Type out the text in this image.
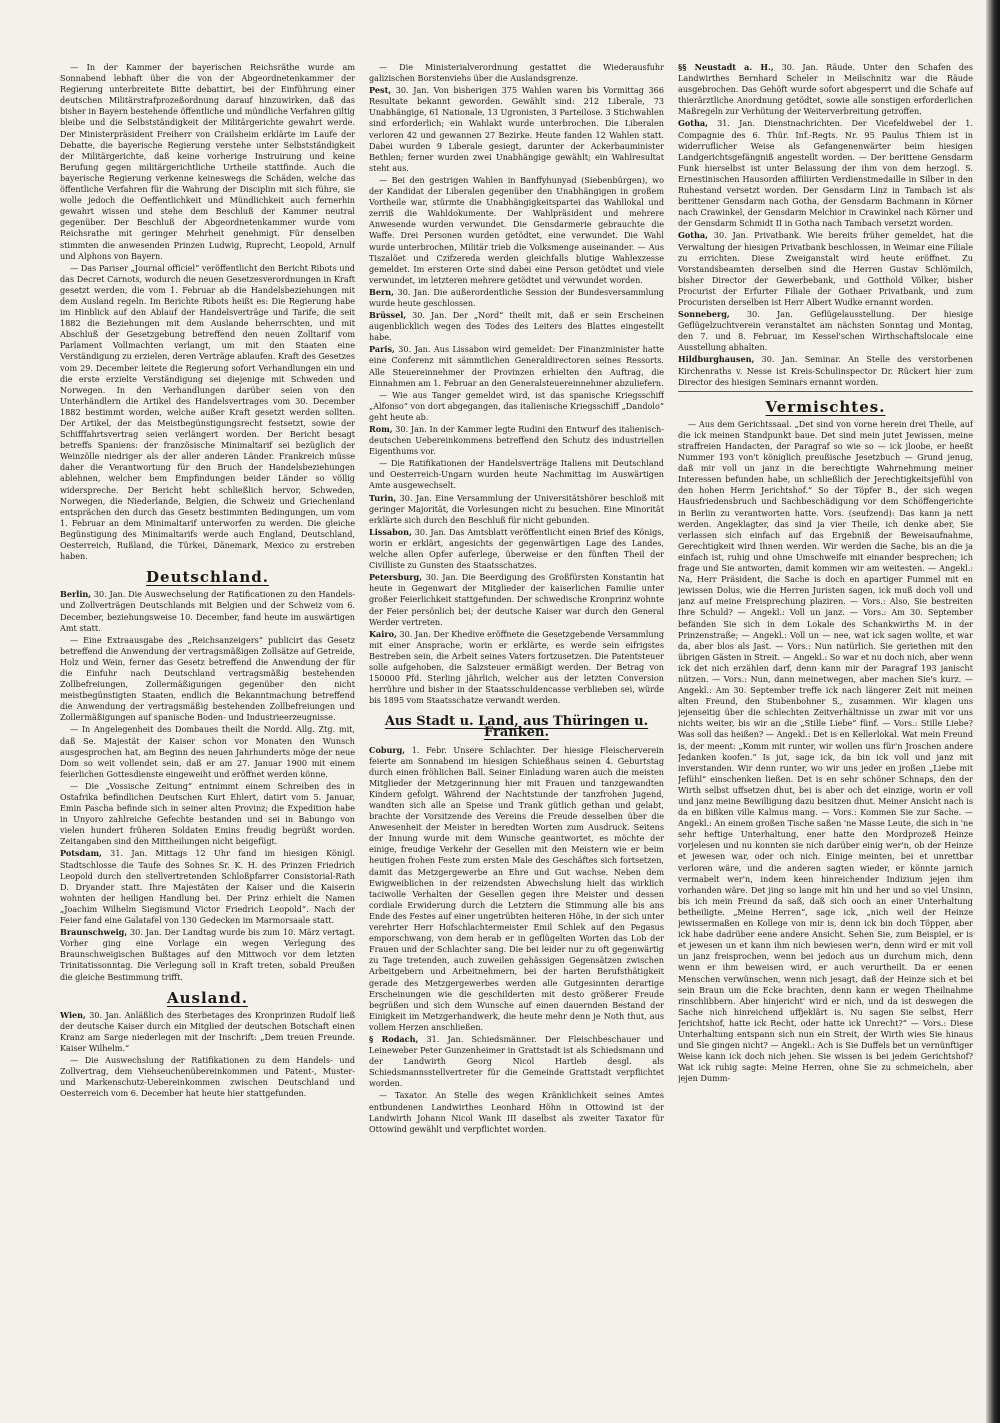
— In der Kammer der bayerischen Reichsräthe wurde am Sonnabend lebhaft über die von der Abgeordnetenkammer der Regierung unterbreitete Bitte debattirt, bei der Einführung einer deutschen Militärstrafprozeßordnung darauf hinzuwirken, daß das bisher in Bayern bestehende öffentliche und mündliche Verfahren giltig bleibe und die Selbstständigkeit der Militärgerichte gewahrt werde. Der Ministerpräsident Freiherr von Crailsheim erklärte im Laufe der Debatte, die bayerische Regierung verstehe unter Selbstständigkeit der Militärgerichte, daß keine vorherige Instruirung und keine Berufung gegen militärgerichtliche Urtheile stattfinde. Auch die bayerische Regierung verkenne keineswegs die Schäden, welche das öffentliche Verfahren für die Wahrung der Disciplin mit sich führe, sie wolle jedoch die Oeffentlichkeit und Mündlichkeit auch fernerhin gewahrt wissen und stehe dem Beschluß der Kammer neutral gegenüber. Der Beschluß der Abgeordnetenkammer wurde vom Reichsrathe mit geringer Mehrheit genehmigt. Für denselben stimmten die anwesenden Prinzen Ludwig, Ruprecht, Leopold, Arnulf und Alphons von Bayern.

— Das Pariser „Journal officiel“ veröffentlicht den Bericht Ribots und das Decret Carnots, wodurch die neuen Gesetzesverordnungen in Kraft gesetzt werden, die vom 1. Februar ab die Handelsbeziehungen mit dem Ausland regeln. Im Berichte Ribots heißt es: Die Regierung habe im Hinblick auf den Ablauf der Handelsverträge und Tarife, die seit 1882 die Beziehungen mit dem Auslande beherrschten, und mit Abschluß der Gesetzgebung betreffend den neuen Zolltarif vom Parlament Vollmachten verlangt, um mit den Staaten eine Verständigung zu erzielen, deren Verträge ablaufen. Kraft des Gesetzes vom 29. December leitete die Regierung sofort Verhandlungen ein und die erste erzielte Verständigung sei diejenige mit Schweden und Norwegen. In den Verhandlungen darüber seien von den Unterhändlern die Artikel des Handelsvertrages vom 30. December 1882 bestimmt worden, welche außer Kraft gesetzt werden sollten. Der Artikel, der das Meistbegünstigungsrecht festsetzt, sowie der Schifffahrtsvertrag seien verlängert worden. Der Bericht besagt betreffs Spaniens: der französische Minimaltarif sei bezüglich der Weinzölle niedriger als der aller anderen Länder. Frankreich müsse daher die Verantwortung für den Bruch der Handelsbeziehungen ablehnen, welcher bem Empfindungen beider Länder so völlig widerspreche. Der Bericht hebt schließlich hervor, Schweden, Norwegen, die Niederlande, Belgien, die Schweiz und Griechenland entsprächen den durch das Gesetz bestimmten Bedingungen, um vom 1. Februar an dem Minimaltarif unterworfen zu werden. Die gleiche Begünstigung des Minimaltarifs werde auch England, Deutschland, Oesterreich, Rußland, die Türkei, Dänemark, Mexico zu erstreben haben.

Deutschland.

Berlin, 30. Jan. Die Auswechselung der Ratificationen zu den Handels- und Zollverträgen Deutschlands mit Belgien und der Schweiz vom 6. December, beziehungsweise 10. December, fand heute im auswärtigen Amt statt.

— Eine Extraausgabe des „Reichsanzeigers“ publicirt das Gesetz betreffend die Anwendung der vertragsmäßigen Zollsätze auf Getreide, Holz und Wein, ferner das Gesetz betreffend die Anwendung der für die Einfuhr nach Deutschland vertragsmäßig bestehenden Zollbefreiungen, Zollermäßigungen gegenüber den nicht meistbegünstigten Staaten, endlich die Bekanntmachung betreffend die Anwendung der vertragsmäßig bestehenden Zollbefreiungen und Zollermäßigungen auf spanische Boden- und Industrieerzeugnisse.

— In Angelegenheit des Dombaues theilt die Nordd. Allg. Ztg. mit, daß Se. Majestät der Kaiser schon vor Monaten den Wunsch ausgesprochen hat, am Beginn des neuen Jahrhunderts möge der neue Dom so weit vollendet sein, daß er am 27. Januar 1900 mit einem feierlichen Gottesdienste eingeweiht und eröffnet werden könne.

— Die „Vossische Zeitung“ entnimmt einem Schreiben des in Ostafrika befindlichen Deutschen Kurt Ehlert, datirt vom 5. Januar, Emin Pascha befinde sich in seiner alten Provinz; die Expedition habe in Unyoro zahlreiche Gefechte bestanden und sei in Babungo von vielen hundert früheren Soldaten Emins freudig begrüßt worden. Zeitangaben sind den Mittheilungen nicht beigefügt.

Potsdam, 31. Jan. Mittags 12 Uhr fand im hiesigen Königl. Stadtschlosse die Taufe des Sohnes Sr. K. H. des Prinzen Friedrich Leopold durch den stellvertretenden Schloßpfarrer Consistorial-Rath D. Dryander statt. Ihre Majestäten der Kaiser und die Kaiserin wohnten der heiligen Handlung bei. Der Prinz erhielt die Namen „Joachim Wilhelm Siegismund Victor Friedrich Leopold“. Nach der Feier fand eine Galatafel von 130 Gedecken im Marmorsaale statt.

Braunschweig, 30. Jan. Der Landtag wurde bis zum 10. März vertagt. Vorher ging eine Vorlage ein wegen Verlegung des Braunschweigischen Bußtages auf den Mittwoch vor dem letzten Trinitatissonntag. Die Verlegung soll in Kraft treten, sobald Preußen die gleiche Bestimmung trifft.

Ausland.

Wien, 30. Jan. Anläßlich des Sterbetages des Kronprinzen Rudolf ließ der deutsche Kaiser durch ein Mitglied der deutschen Botschaft einen Kranz am Sarge niederlegen mit der Inschrift: „Dem treuen Freunde. Kaiser Wilhelm.“

— Die Auswechslung der Ratifikationen zu dem Handels- und Zollvertrag, dem Viehseuchenübereinkommen und Patent-, Muster- und Markenschutz-Uebereinkommen zwischen Deutschland und Oesterreich vom 6. December hat heute hier stattgefunden.

— Die Ministerialverordnung gestattet die Wiederausfuhr galizischen Borstenviehs über die Auslandsgrenze.

Pest, 30. Jan. Von bisherigen 375 Wahlen waren bis Vormittag 366 Resultate bekannt geworden. Gewählt sind: 212 Liberale, 73 Unabhängige, 61 Nationale, 13 Ugronisten, 3 Parteilose. 3 Stichwahlen sind erforderlich; ein Wahlakt wurde unterbrochen. Die Liberalen verloren 42 und gewannen 27 Bezirke. Heute fanden 12 Wahlen statt. Dabei wurden 9 Liberale gesiegt, darunter der Ackerbauminister Bethlen; ferner wurden zwei Unabhängige gewählt; ein Wahlresultat steht aus.

— Bei den gestrigen Wahlen in Banffyhunyad (Siebenbürgen), wo der Kandidat der Liberalen gegenüber den Unabhängigen in großem Vortheile war, stürmte die Unabhängigkeitspartei das Wahllokal und zerriß die Wahldokumente. Der Wahlpräsident und mehrere Anwesende wurden verwundet. Die Gensdarmerie gebrauchte die Waffe. Drei Personen wurden getödtet, eine verwundet. Die Wahl wurde unterbrochen, Militär trieb die Volksmenge auseinander. — Aus Tiszalöet und Czifzereda werden gleichfalls blutige Wahlexzesse gemeldet. Im ersteren Orte sind dabei eine Person getödtet und viele verwundet, im letzteren mehrere getödtet und verwundet worden.

Bern, 30. Jan. Die außerordentliche Session der Bundesversammlung wurde heute geschlossen.

Brüssel, 30. Jan. Der „Nord“ theilt mit, daß er sein Erscheinen augenblicklich wegen des Todes des Leiters des Blattes eingestellt habe.

Paris, 30. Jan. Aus Lissabon wird gemeldet: Der Finanzminister hatte eine Conferenz mit sämmtlichen Generaldirectoren seines Ressorts. Alle Steuereinnehmer der Provinzen erhielten den Auftrag, die Einnahmen am 1. Februar an den Generalsteuereinnehmer abzuliefern.

— Wie aus Tanger gemeldet wird, ist das spanische Kriegsschiff „Alfonso“ von dort abgegangen, das italienische Kriegsschiff „Dandolo“ geht heute ab.

Rom, 30. Jan. In der Kammer legte Rudini den Entwurf des italienisch-deutschen Uebereinkommens betreffend den Schutz des industriellen Eigenthums vor.

— Die Ratifikationen der Handelsverträge Italiens mit Deutschland und Oesterreich-Ungarn wurden heute Nachmittag im Auswärtigen Amte ausgewechselt.

Turin, 30. Jan. Eine Versammlung der Universitätshörer beschloß mit geringer Majorität, die Vorlesungen nicht zu besuchen. Eine Minorität erklärte sich durch den Beschluß für nicht gebunden.

Lissabon, 30. Jan. Das Amtsblatt veröffentlicht einen Brief des Königs, worin er erklärt, angesichts der gegenwärtigen Lage des Landes, welche allen Opfer auferlege, überweise er den fünften Theil der Civilliste zu Gunsten des Staatsschatzes.

Petersburg, 30. Jan. Die Beerdigung des Großfürsten Konstantin hat heute in Gegenwart der Mitglieder der kaiserlichen Familie unter großer Feierlichkeit stattgefunden. Der schwedische Kronprinz wohnte der Feier persönlich bei; der deutsche Kaiser war durch den General Werder vertreten.

Kairo, 30. Jan. Der Khedive eröffnete die Gesetzgebende Versammlung mit einer Ansprache, worin er erklärte, es werde sein eifrigstes Bestreben sein, die Arbeit seines Vaters fortzusetzen. Die Patentsteuer solle aufgehoben, die Salzsteuer ermäßigt werden. Der Betrag von 150000 Pfd. Sterling jährlich, welcher aus der letzten Conversion herrühre und bisher in der Staatsschuldencasse verblieben sei, würde bis 1895 vom Staatsschatze verwandt werden.

Aus Stadt u. Land, aus Thüringen u. Franken.

Coburg, 1. Febr. Unsere Schlachter. Der hiesige Fleischerverein feierte am Sonnabend im hiesigen Schießhaus seinen 4. Geburtstag durch einen fröhlichen Ball. Seiner Einladung waren auch die meisten Mitglieder der Metzgerinnung hier mit Frauen und tanzgewandten Kindern gefolgt. Während der Nachtstunde der tanzfrohen Jugend, wandten sich alle an Speise und Trank gütlich gethan und gelabt, brachte der Vorsitzende des Vereins die Freude desselben über die Anwesenheit der Meister in beredten Worten zum Ausdruck. Seitens der Innung wurde mit dem Wunsche geantwortet, es möchte der einige, freudige Verkehr der Gesellen mit den Meistern wie er beim heutigen frohen Feste zum ersten Male des Geschäftes sich fortsetzen, damit das Metzgergewerbe an Ehre und Gut wachse. Neben dem Ewigweiblichen in der reizendsten Abwechslung hielt das wirklich taciwolle Verhalten der Gesellen gegen ihre Meister und dessen cordiale Erwiderung durch die Letztern die Stimmung alle bis ans Ende des Festes auf einer ungetrübten heiteren Höhe, in der sich unter verehrter Herr Hofschlachtermeister Emil Schlek auf den Pegasus emporschwang, von dem herab er in geflügelten Worten das Lob der Frauen und der Schlachter sang. Die bei leider nur zu oft gegenwärtig zu Tage tretenden, auch zuweilen gehässigen Gegensätzen zwischen Arbeitgebern und Arbeitnehmern, bei der harten Berufsthätigkeit gerade des Metzgergewerbes werden alle Gutgesinnten derartige Erscheinungen wie die geschilderten mit desto größerer Freude begrüßen und sich dem Wunsche auf einen dauernden Bestand der Einigkeit im Metzgerhandwerk, die heute mehr denn je Noth thut, aus vollem Herzen anschließen.

§ Rodach, 31. Jan. Schiedsmänner. Der Fleischbeschauer und Leineweber Peter Gunzenheimer in Grattstadt ist als Schiedsmann und der Landwirth Georg Nicol Hartleb desgl. als Schiedsmannsstellvertreter für die Gemeinde Grattstadt verpflichtet worden.

— Taxator. An Stelle des wegen Kränklichkeit seines Amtes entbundenen Landwirthes Leonhard Höhn in Ottowind ist der Landwirth Johann Nicol Wank III daselbst als zweiter Taxator für Ottowind gewählt und verpflichtet worden.

§§ Neustadt a. H., 30. Jan. Räude. Unter den Schafen des Landwirthes Bernhard Scheler in Meilschnitz war die Räude ausgebrochen. Das Gehöft wurde sofort abgesperrt und die Schafe auf thierärztliche Anordnung getödtet, sowie alle sonstigen erforderlichen Maßregeln zur Verhütung der Weiterverbreitung getroffen.

Gotha, 31. Jan. Dienstnachrichten. Der Vicefeldwebel der 1. Compagnie des 6. Thür. Inf.-Regts. Nr. 95 Paulus Thiem ist in widerruflicher Weise als Gefangenenwärter beim hiesigen Landgerichtsgefängniß angestellt worden. — Der berittene Gensdarm Funk hierselbst ist unter Belassung der ihm von dem herzogl. S. Ernestinischen Hausorden affiliirten Verdienstmedaille in Silber in den Ruhestand versetzt worden. Der Gensdarm Linz in Tambach ist als berittener Gensdarm nach Gotha, der Gensdarm Bachmann in Körner nach Crawinkel, der Gensdarm Melchior in Crawinkel nach Körner und der Gensdarm Schmidt II in Gotha nach Tambach versetzt worden.

Gotha, 30. Jan. Privatbank. Wie bereits früher gemeldet, hat die Verwaltung der hiesigen Privatbank beschlossen, in Weimar eine Filiale zu errichten. Diese Zweiganstalt wird heute eröffnet. Zu Vorstandsbeamten derselben sind die Herren Gustav Schlömilch, bisher Director der Gewerbebank, und Gotthold Völker, bisher Procurist der Erfurter Filiale der Gothaer Privatbank, und zum Procuristen derselben ist Herr Albert Wudke ernannt worden.

Sonneberg, 30. Jan. Geflügelausstellung. Der hiesige Geflügelzuchtverein veranstaltet am nächsten Sonntag und Montag, den 7. und 8. Februar, im Kessel'schen Wirthschaftslocale eine Ausstellung abhalten.

Hildburghausen, 30. Jan. Seminar. An Stelle des verstorbenen Kirchenraths v. Nesse ist Kreis-Schulinspector Dr. Rückert hier zum Director des hiesigen Seminars ernannt worden.

Vermischtes.

— Aus dem Gerichtssaal. „Det sind von vorne herein drei Theile, auf die ick meinen Standpunkt baue. Det sind mein jutet Jewissen, meine straffreien Handacten, der Paragraf so wie so — ick jloobe, er heeßt Nummer 193 von't königlich preußische Jesetzbuch — Grund jenug, daß mir voll un janz in die berechtigte Wahrnehmung meiner Interessen befunden habe, un schließlich der Jerechtigkeitsjefühl von den hohen Herrn Jerichtshof.“ So der Töpfer B., der sich wegen Hausfriedensbruch und Sachbeschädigung vor dem Schöffengerichte in Berlin zu verantworten hatte. Vors. (seufzend): Das kann ja nett werden. Angeklagter, das sind ja vier Theile, ich denke aber, Sie verlassen sich einfach auf das Ergebniß der Beweisaufnahme, Gerechtigkeit wird Ihnen werden. Wir werden die Sache, bis an die ja einfach ist, ruhig und ohne Umschweife mit einander besprechen; ich frage und Sie antworten, damit kommen wir am weitesten. — Angekl.: Na, Herr Präsident, die Sache is doch en apartiger Fummel mit en jewissen Dolus, wie die Herren Juristen sagen, ick muß doch voll und janz auf meine Freisprechung plaziren. — Vors.: Also, Sie bestreiten Ihre Schuld? — Angekl.: Voll un janz. — Vors.: Am 30. September befanden Sie sich in dem Lokale des Schankwirths M. in der Prinzenstraße; — Angekl.: Voll un — nee, wat ick sagen wollte, et war da, aber blos als Jast. — Vors.: Nun natürlich. Sie geriethen mit den übrigen Gästen in Streit. — Angekl.: So war et nu doch nich, aber wenn ick det nich erzählen darf, denn kann mir der Paragraf 193 janischt nützen. — Vors.: Nun, dann meinetwegen, aber machen Sie's kurz. — Angekl.: Am 30. September treffe ick nach längerer Zeit mit meinen alten Freund, den Stubenbohner S., zusammen. Wir klagen uns jejenseitig über die schlechten Zeitverhältnisse un zwar mit vor uns nichts weiter, bis wir an die „Stille Liebe“ fünf. — Vors.: Stille Liebe? Was soll das heißen? — Angekl.: Det is en Kellerlokal. Wat mein Freund is, der meent: „Komm mit runter, wir wollen uns für'n Jroschen andere Jedanken koofen.“ Is jut, sage ick, da bin ick voll und janz mit inverstanden. Wir denn runter, wo wir uns jeder en jroßen „Liebe mit Jefühl“ einschenken ließen. Det is en sehr schöner Schnaps, den der Wirth selbst uffsetzen dhut, bei is aber och det einzige, worin er voll und janz meine Bewilligung dazu besitzen dhut. Meiner Ansicht nach is da en bißken ville Kalmus mang. — Vors.: Kommen Sie zur Sache. — Angekl.: An einem großen Tische saßen 'ne Masse Leute, die sich in 'ne sehr heftige Unterhaltung, ener hatte den Mordprozeß Heinze vorjelesen und nu konnten sie nich darüber einig wer'n, ob der Heinze et jewesen war, oder och nich. Einige meinten, bei et unrettbar verloren wäre, und die anderen sagten wieder, er könnte jarnich vermabelt wer'n, indem keen hinreichender Indizium jejen ihm vorhanden wäre. Det jing so lange mit hin und her und so viel Unsinn, bis ich mein Freund da saß, daß sich ooch an einer Unterhaltung betheiligte. „Meine Herren“, sage ick, „nich weil der Heinze jewissermaßen en Kollege von mir is, denn ick bin doch Töpper, aber ick habe dadrüber eene andere Ansicht. Sehen Sie, zum Beispiel, er is et jewesen un et kann ihm nich bewiesen wer'n, denn wird er mit voll un janz freisprochen, wenn bei jedoch aus un durchum mich, denn wenn er ihm beweisen wird, er auch verurtheilt. Da er eenen Menschen verwünschen, wenn nich jesagt, daß der Heinze sich et bei sein Braun um die Ecke brachten, denn kann er wegen Theilnahme rinschlibbern. Aber hinjericht' wird er nich, und da ist deswegen die Sache nich hinreichend uffjeklärt is. Nu sagen Sie selbst, Herr Jerichtshof, hatte ick Recht, oder hatte ick Unrecht?“ — Vors.: Diese Unterhaltung entspann sich nun ein Streit, der Wirth wies Sie hinaus und Sie gingen nicht? — Angekl.: Ach is Sie Duffels bet un vernünftiger Weise kann ick doch nich jehen. Sie wissen is bei jedem Gerichtshof? Wat ick ruhig sagte: Meine Herren, ohne Sie zu schmeicheln, aber jejen Dumm-
